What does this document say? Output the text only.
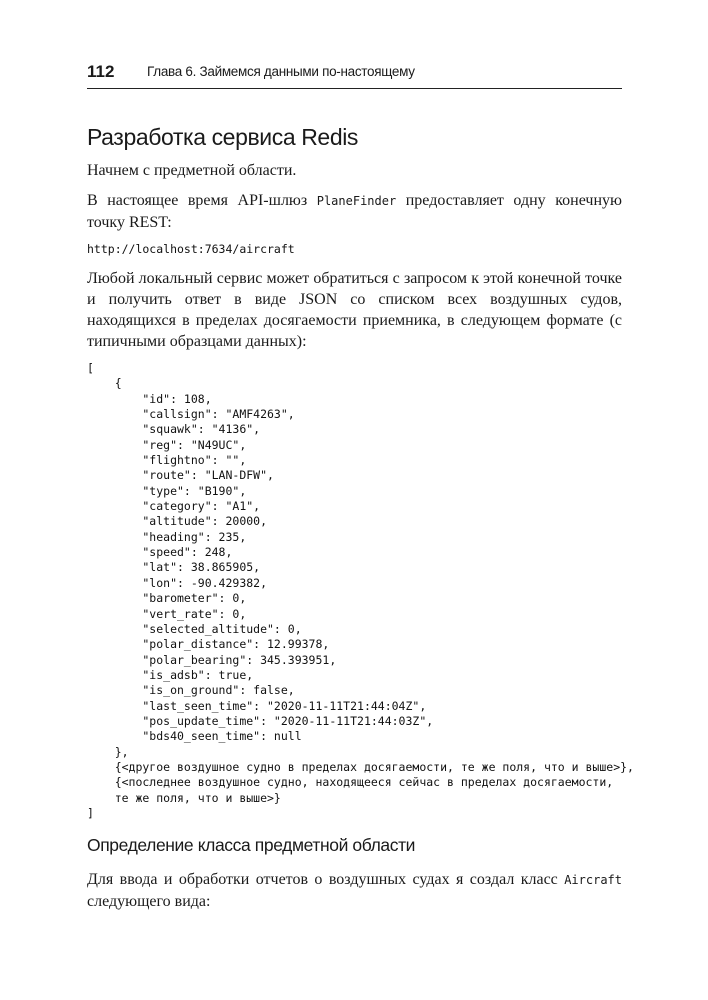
112 Глава 6. Займемся данными по-настоящему
Разработка сервиса Redis

Начнем с предметной области.

В настоящее время API-шлюз PlaneFinder предоставляет одну конечную точку REST:

http://localhost:7634/aircraft

Любой локальный сервис может обратиться с запросом к этой конечной точке и получить ответ в виде JSON со списком всех воздушных судов, находящихся в пределах досягаемости приемника, в следующем формате (с типичными образцами данных):

[
{
"id": 108,
"callsign": "AMF4263",
"squawk": "4136",
"reg": "N49UC",
"flightno": "",
"route": "LAN-DFW",
"type": "B190",
"category": "A1",
"altitude": 20000,
"heading": 235,
"speed": 248,
"lat": 38.865905,
"lon": -90.429382,
"barometer": 0,
"vert_rate": 0,
"selected_altitude": 0,
"polar_distance": 12.99378,
"polar_bearing": 345.393951,
"is_adsb": true,
"is_on_ground": false,
"last_seen_time": "2020-11-11T21:44:04Z",
"pos_update_time": "2020-11-11T21:44:03Z",
"bds40_seen_time": null
},
{<другое воздушное судно в пределах досягаемости, те же поля, что и выше>},
{<последнее воздушное судно, находящееся сейчас в пределах досягаемости,
те же поля, что и выше>}
]
Определение класса предметной области

Для ввода и обработки отчетов о воздушных судах я создал класс Aircraft следующего вида:
